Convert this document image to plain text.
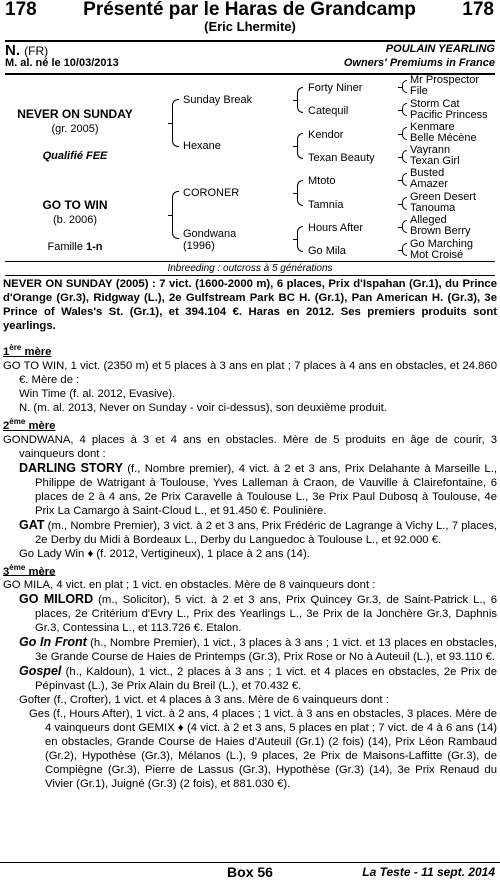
178	Présenté par le Haras de Grandcamp	178
(Eric Lhermite)
N. (FR)	POULAIN YEARLING
M. al. né le 10/03/2013	Owners' Premiums in France
NEVER ON SUNDAY
(gr. 2005)
Qualifié FEE
GO TO WIN
(b. 2006)
Famille 1-n
Sunday Break
Hexane
CORONER
Gondwana
(1996)
Forty Niner
Catequil
Kendor
Texan Beauty
Mtoto
Tamnia
Hours After
Go Mila
Mr Prospector
File
Storm Cat
Pacific Princess
Kenmare
Belle Mécène
Vayrann
Texan Girl
Busted
Amazer
Green Desert
Tanouma
Alleged
Brown Berry
Go Marching
Mot Croisé
Inbreeding : outcross à 5 générations

NEVER ON SUNDAY (2005) : 7 vict. (1600-2000 m), 6 places, Prix d'Ispahan (Gr.1), du Prince d'Orange (Gr.3), Ridgway (L.), 2e Gulfstream Park BC H. (Gr.1), Pan American H. (Gr.3), 3e Prince of Wales's St. (Gr.1), et 394.104 €. Haras en 2012. Ses premiers produits sont yearlings.

1ère mère

GO TO WIN, 1 vict. (2350 m) et 5 places à 3 ans en plat ; 7 places à 4 ans en obstacles, et 24.860 €. Mère de :

Win Time (f. al. 2012, Evasive).

N. (m. al. 2013, Never on Sunday - voir ci-dessus), son deuxième produit.

2ème mère

GONDWANA, 4 places à 3 et 4 ans en obstacles. Mère de 5 produits en âge de courir, 3 vainqueurs dont :

DARLING STORY (f., Nombre premier), 4 vict. à 2 et 3 ans, Prix Delahante à Marseille L., Philippe de Watrigant à Toulouse, Yves Lalleman à Craon, de Vauville à Clairefontaine, 6 places de 2 à 4 ans, 2e Prix Caravelle à Toulouse L., 3e Prix Paul Dubosq à Toulouse, 4e Prix La Camargo à Saint-Cloud L., et 91.450 €. Poulinière.

GAT (m., Nombre Premier), 3 vict. à 2 et 3 ans, Prix Frédéric de Lagrange à Vichy L., 7 places, 2e Derby du Midi à Bordeaux L., Derby du Languedoc à Toulouse L., et 92.000 €.

Go Lady Win ♦ (f. 2012, Vertigineux), 1 place à 2 ans (14).

3ème mère

GO MILA, 4 vict. en plat ; 1 vict. en obstacles. Mère de 8 vainqueurs dont :

GO MILORD (m., Solicitor), 5 vict. à 2 et 3 ans, Prix Quincey Gr.3, de Saint-Patrick L., 6 places, 2e Critérium d'Evry L., Prix des Yearlings L., 3e Prix de la Jonchère Gr.3, Daphnis Gr.3, Contessina L., et 113.726 €. Etalon.

Go In Front (h., Nombre Premier), 1 vict., 3 places à 3 ans ; 1 vict. et 13 places en obstacles, 3e Grande Course de Haies de Printemps (Gr.3), Prix Rose or No à Auteuil (L.), et 93.110 €.

Gospel (h., Kaldoun), 1 vict., 2 places à 3 ans ; 1 vict. et 4 places en obstacles, 2e Prix de Pépinvast (L.), 3e Prix Alain du Breil (L.), et 70.432 €.

Gofter (f., Crofter), 1 vict. et 4 places à 3 ans. Mère de 6 vainqueurs dont :

Ges (f., Hours After), 1 vict. à 2 ans, 4 places ; 1 vict. à 3 ans en obstacles, 3 places. Mère de 4 vainqueurs dont GEMIX ♦ (4 vict. à 2 et 3 ans, 5 places en plat ; 7 vict. de 4 à 6 ans (14) en obstacles, Grande Course de Haies d'Auteuil (Gr.1) (2 fois) (14), Prix Léon Rambaud (Gr.2), Hypothèse (Gr.3), Mélanos (L.), 9 places, 2e Prix de Maisons-Laffitte (Gr.3), de Compiègne (Gr.3), Pierre de Lassus (Gr.3), Hypothèse (Gr.3) (14), 3e Prix Renaud du Vivier (Gr.1), Juigné (Gr.3) (2 fois), et 881.030 €).

Box 56	La Teste - 11 sept. 2014
